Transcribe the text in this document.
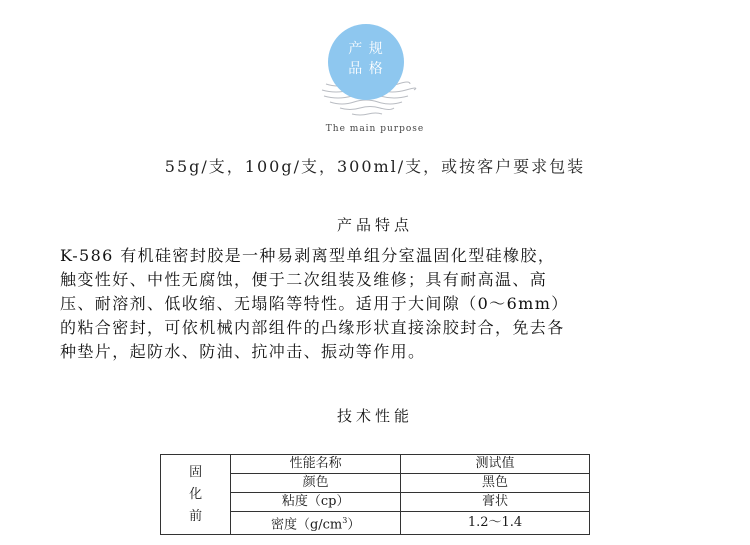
产 规
品 格
The main purpose
55g/支，100g/支，300ml/支，或按客户要求包装
产品特点
K-586 有机硅密封胶是一种易剥离型单组分室温固化型硅橡胶，
触变性好、中性无腐蚀，便于二次组装及维修；具有耐高温、高
压、耐溶剂、低收缩、无塌陷等特性。适用于大间隙（0～6mm）
的粘合密封，可依机械内部组件的凸缘形状直接涂胶封合，免去各
种垫片，起防水、防油、抗冲击、振动等作用。
技术性能
固
化
前	性能名称	测试值
	颜色	黑色
	粘度（cp）	膏状
	密度$(g/cm^3)$	1.2～1.4
